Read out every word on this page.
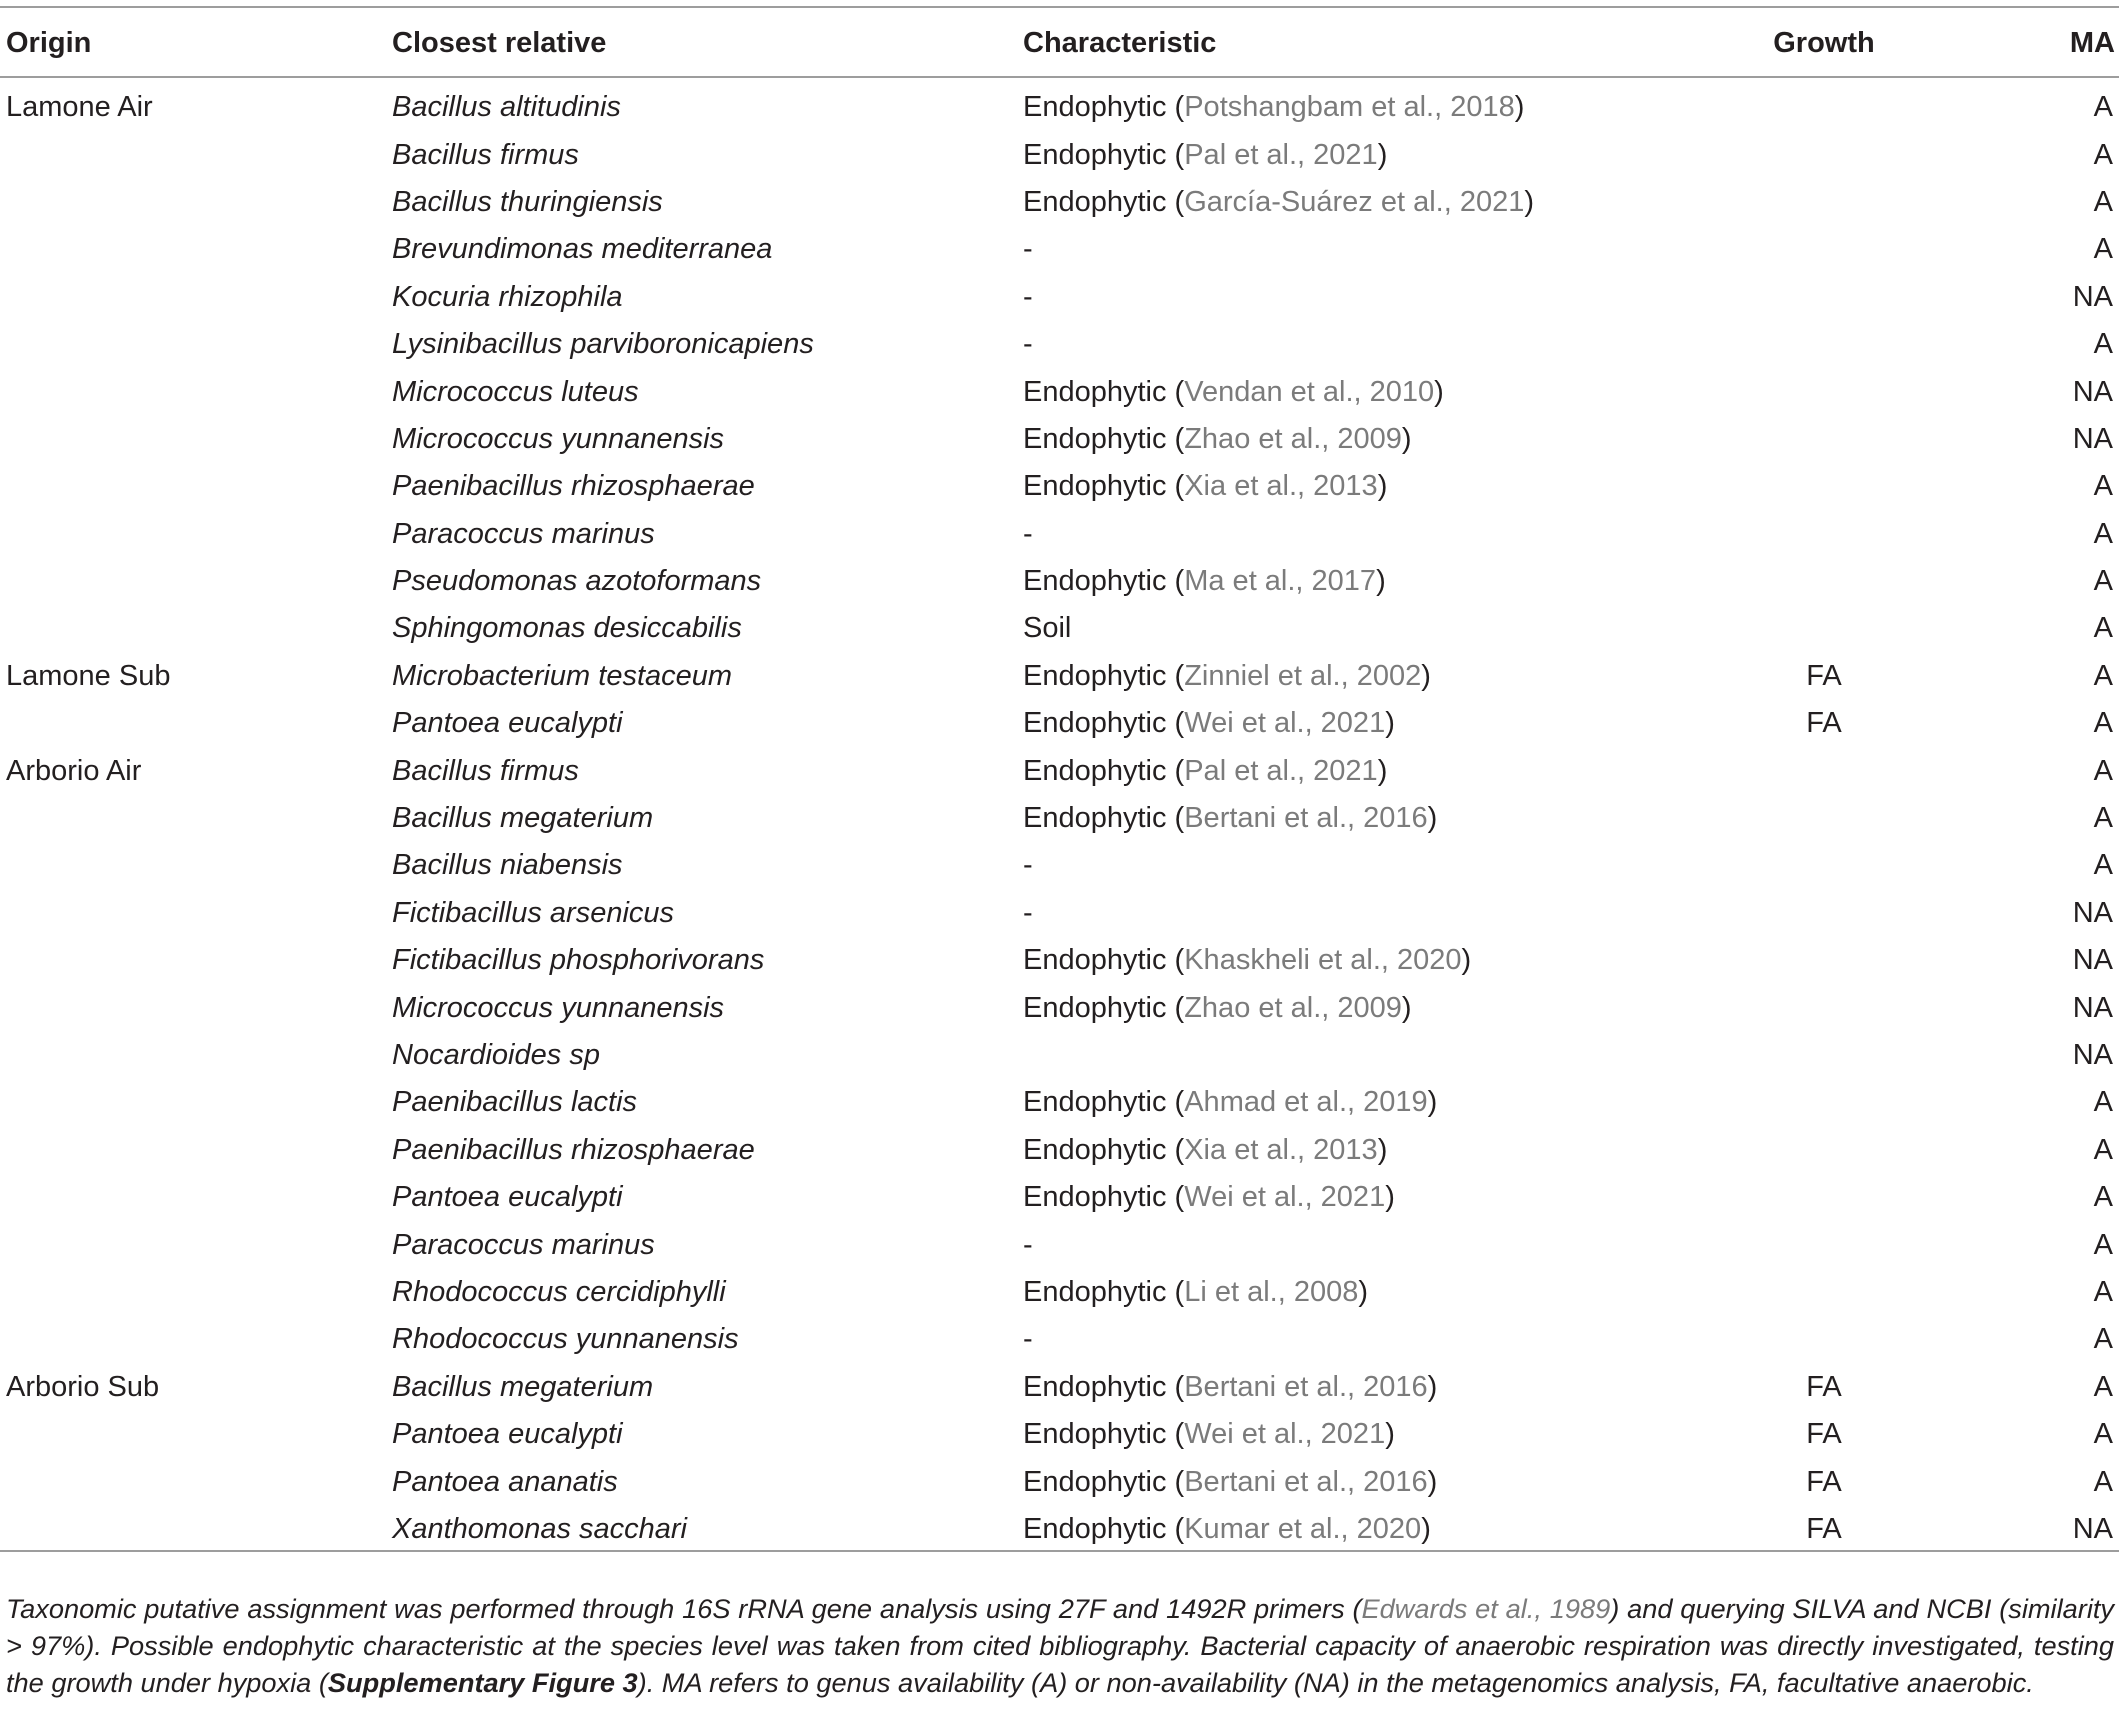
Origin	Closest relative	Characteristic	Growth	MA
Lamone Air	Bacillus altitudinis	Endophytic (Potshangbam et al., 2018)		A
	Bacillus firmus	Endophytic (Pal et al., 2021)		A
	Bacillus thuringiensis	Endophytic (García-Suárez et al., 2021)		A
	Brevundimonas mediterranea	-		A
	Kocuria rhizophila	-		NA
	Lysinibacillus parviboronicapiens	-		A
	Micrococcus luteus	Endophytic (Vendan et al., 2010)		NA
	Micrococcus yunnanensis	Endophytic (Zhao et al., 2009)		NA
	Paenibacillus rhizosphaerae	Endophytic (Xia et al., 2013)		A
	Paracoccus marinus	-		A
	Pseudomonas azotoformans	Endophytic (Ma et al., 2017)		A
	Sphingomonas desiccabilis	Soil		A
Lamone Sub	Microbacterium testaceum	Endophytic (Zinniel et al., 2002)	FA	A
	Pantoea eucalypti	Endophytic (Wei et al., 2021)	FA	A
Arborio Air	Bacillus firmus	Endophytic (Pal et al., 2021)		A
	Bacillus megaterium	Endophytic (Bertani et al., 2016)		A
	Bacillus niabensis	-		A
	Fictibacillus arsenicus	-		NA
	Fictibacillus phosphorivorans	Endophytic (Khaskheli et al., 2020)		NA
	Micrococcus yunnanensis	Endophytic (Zhao et al., 2009)		NA
	Nocardioides sp			NA
	Paenibacillus lactis	Endophytic (Ahmad et al., 2019)		A
	Paenibacillus rhizosphaerae	Endophytic (Xia et al., 2013)		A
	Pantoea eucalypti	Endophytic (Wei et al., 2021)		A
	Paracoccus marinus	-		A
	Rhodococcus cercidiphylli	Endophytic (Li et al., 2008)		A
	Rhodococcus yunnanensis	-		A
Arborio Sub	Bacillus megaterium	Endophytic (Bertani et al., 2016)	FA	A
	Pantoea eucalypti	Endophytic (Wei et al., 2021)	FA	A
	Pantoea ananatis	Endophytic (Bertani et al., 2016)	FA	A
	Xanthomonas sacchari	Endophytic (Kumar et al., 2020)	FA	NA

Taxonomic putative assignment was performed through 16S rRNA gene analysis using 27F and 1492R primers (Edwards et al., 1989) and querying SILVA and NCBI (similarity > 97%). Possible endophytic characteristic at the species level was taken from cited bibliography. Bacterial capacity of anaerobic respiration was directly investigated, testing the growth under hypoxia (Supplementary Figure 3). MA refers to genus availability (A) or non-availability (NA) in the metagenomics analysis, FA, facultative anaerobic.
